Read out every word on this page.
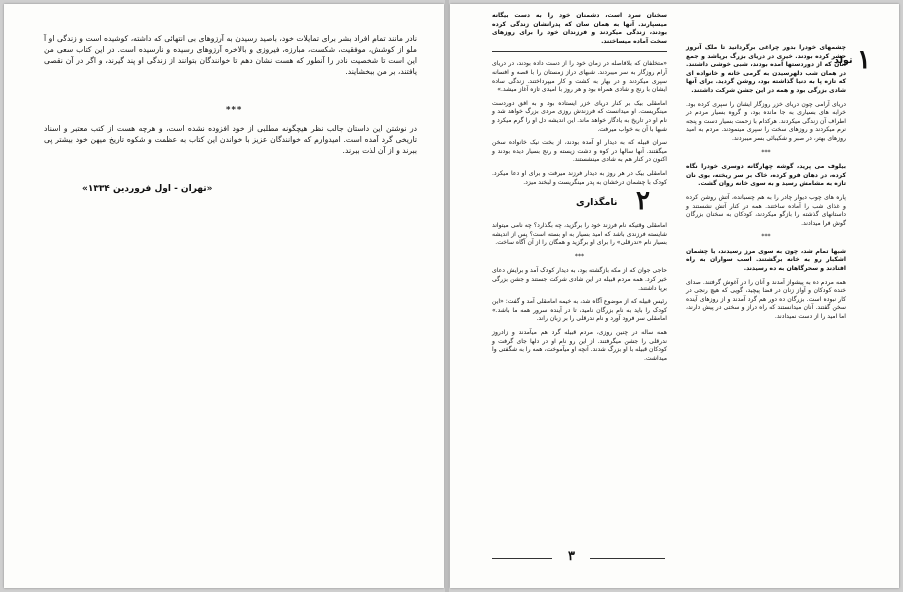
نادر مانند تمام افراد بشر برای تمایلات خود، باصید رسیدن به آرزوهای بی انتهائی که داشته، کوشیده است و زندگی او آ ملو از کوشش، موفقیت، شکست، مبارزه، فیروزی و بالاخره آرزوهای رسیده و نارسیده است. در این کتاب سعی من این است تا شخصیت نادر را آنطور که هست نشان دهم تا خوانندگان بتوانند از زندگی او پند گیرند، و اگر در آن نقصی یافتند، بر من ببخشایند.
***
در نوشتن این داستان جالب نظر هیچگونه مطلبی از خود افزوده نشده است، و هرچه هست از کتب معتبر و اسناد تاریخی گرد آمده است. امیدوارم که خوانندگان عزیز با خواندن این کتاب به عظمت و شکوه تاریخ میهن خود بیشتر پی ببرند و از آن لذت ببرند.
«تهران - اول فروردین ۱۳۳۴»
۱
تولد

چشمهای خودرا بدور چراغی برگردانید تا ملک آنروز حشر کرده بودند. خیری در دریای بزرگ برپاشد و جمع آنان که از دوردستها آمده بودند، شبی خوشی داشتند. در همان شب دلهرسیدن به گرمی خانه و خانواده ای که تازه پا به دنیا گذاشته بود، روشن گردید. برای آنها شادی بزرگی بود و همه در این جشن شرکت داشتند.

دریای آرامی چون دریای خزر روزگار ایشان را سپری کرده بود. خرابه های بسیاری به جا مانده بود، و گروه بسیار مردم در اطراف آن زندگی میکردند. هرکدام با زحمت بسیار دست و پنجه نرم میکردند و روزهای سخت را سپری مینمودند. مردم به امید روزهای بهتر، در صبر و شکیبائی بسر میبردند.

***

بیلوف می پرید، گوشه چهارگانه دوسری خودرا نگاه کرده، در دهان فرو کرده، خاک بر سر ریخته، بوی نان تازه به مشامش رسید و به سوی خانه روان گشت.

پاره های چوب دیوار چادر را به هم چسبانده، آتش روشن کرده و غذای شب را آماده ساختند. همه در کنار آتش نشستند و داستانهای گذشته را بازگو میکردند، کودکان به سخنان بزرگان گوش فرا میدادند.

***

شبها تمام شد، چون به سوی مرز رسیدند، با چشمان اشکبار رو به خانه برگشتند. اسب سواران به راه افتادند و سحرگاهان به ده رسیدند.

همه مردم ده به پیشواز آمدند و آنان را در آغوش گرفتند. صدای خنده کودکان و آواز زنان در فضا پیچید، گویی که هیچ رنجی در کار نبوده است. بزرگان ده دور هم گرد آمدند و از روزهای آینده سخن گفتند. آنان میدانستند که راه دراز و سختی در پیش دارند، اما امید را از دست نمیدادند.

سخنان سرد است، دشمنان خود را به دست بیگانه میسپارند. آنها به همان سان که پدرانشان زندگی کرده بودند، زندگی میکردند و فرزندان خود را برای روزهای سخت آماده میساختند.

«متخلفان که بلافاصله در زمان خود را از دست داده بودند، در دریای آرام روزگار به سر میبردند. شبهای دراز زمستان را با قصه و افسانه سپری میکردند و در بهار به کشت و کار میپرداختند. زندگی ساده ایشان با رنج و شادی همراه بود و هر روز با امیدی تازه آغاز میشد.»

امامقلی بیک بر کنار دریای خزر ایستاده بود و به افق دوردست مینگریست. او میدانست که فرزندش روزی مردی بزرگ خواهد شد و نام او در تاریخ به یادگار خواهد ماند. این اندیشه دل او را گرم میکرد و شبها با آن به خواب میرفت.

سران قبیله که به دیدار او آمده بودند، از بخت نیک خانواده سخن میگفتند. آنها سالها در کوه و دشت زیسته و رنج بسیار دیده بودند و اکنون در کنار هم به شادی مینشستند.

امامقلی بیک در هر روز به دیدار فرزند میرفت و برای او دعا میکرد. کودک با چشمان درخشان به پدر مینگریست و لبخند میزد.

امامقلی وقتیکه نام فرزند خود را برگزید، چه بگذارد؟ چه نامی میتواند شایسته فرزندی باشد که امید بسیار به او بسته است؟ پس از اندیشه بسیار نام «ندرقلی» را برای او برگزید و همگان را از آن آگاه ساخت.

***

حاجی جوان که از مکه بازگشته بود، به دیدار کودک آمد و برایش دعای خیر کرد. همه مردم قبیله در این شادی شرکت جستند و جشن بزرگی برپا داشتند.

رئیس قبیله که از موضوع آگاه شد، به خیمه امامقلی آمد و گفت: «این کودک را باید به نام بزرگان نامید، تا در آینده سرور همه ما باشد.» امامقلی سر فرود آورد و نام ندرقلی را بر زبان راند.

همه ساله در چنین روزی، مردم قبیله گرد هم میآمدند و زادروز ندرقلی را جشن میگرفتند. از این رو نام او در دلها جای گرفت و کودکان قبیله با او بزرگ شدند. آنچه او میآموخت، همه را به شگفتی وا میداشت.

۲
نامگذاری
۳
